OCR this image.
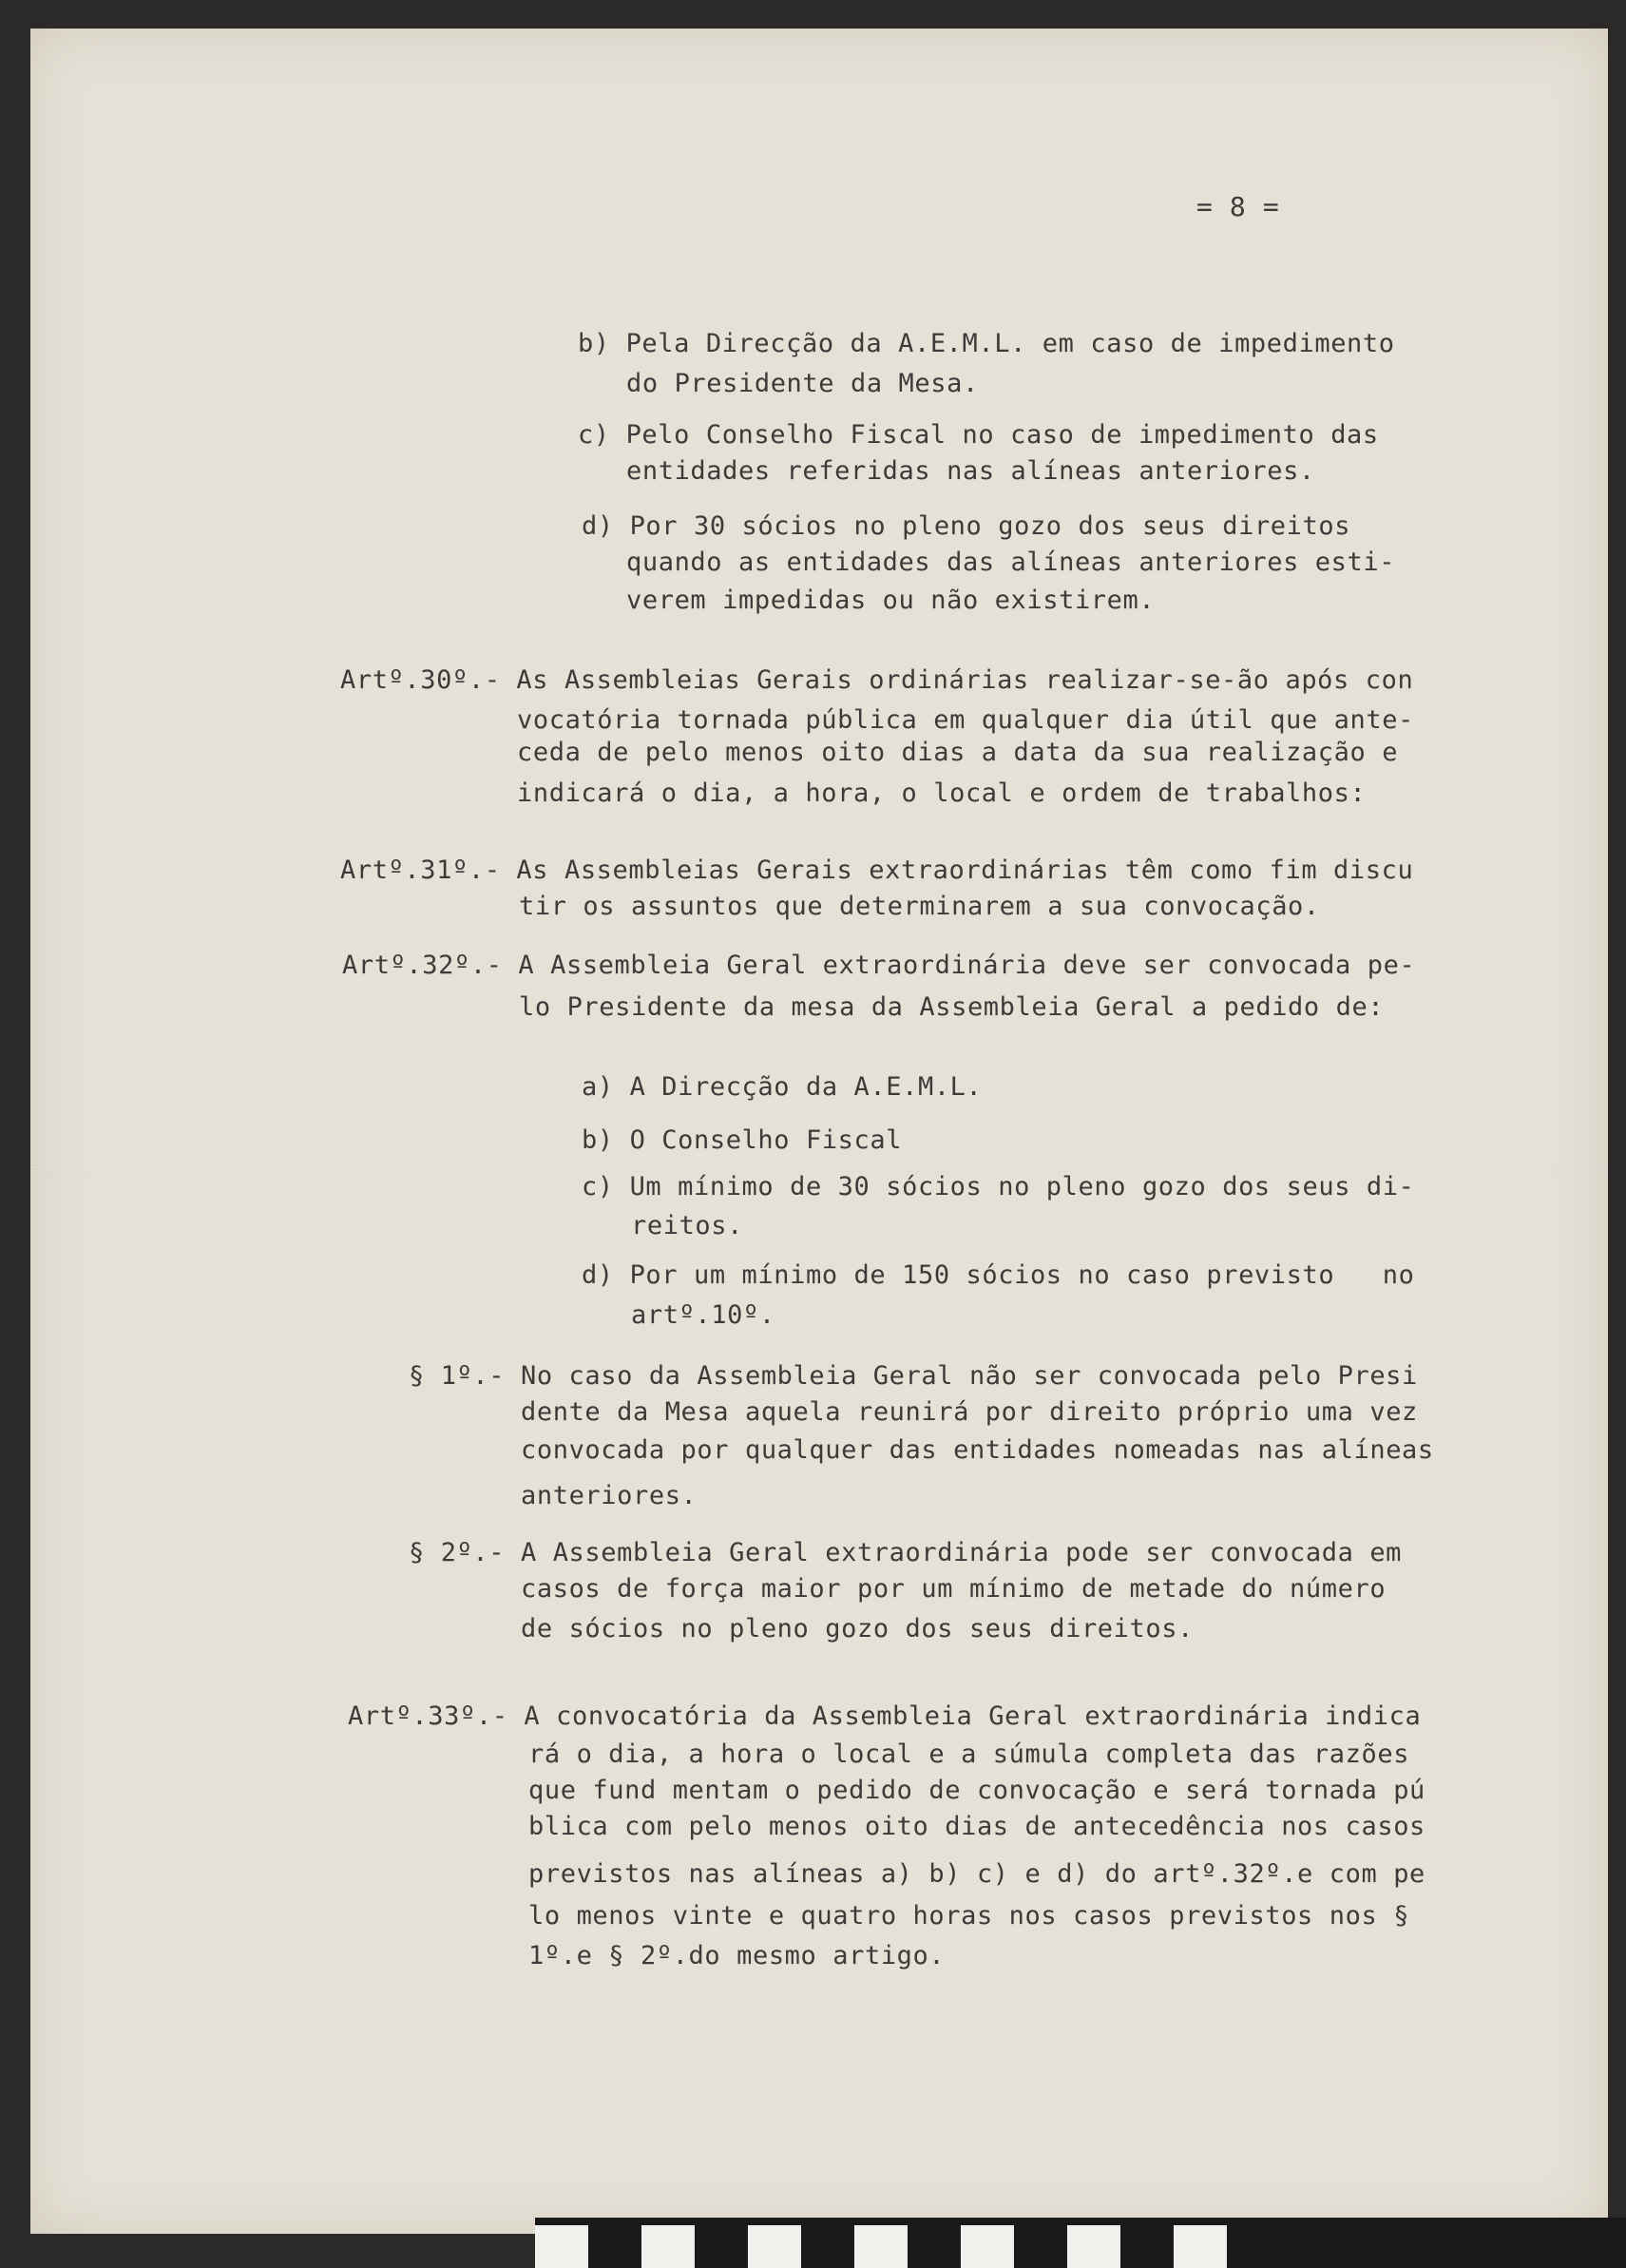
= 8 =
b) Pela Direcção da A.E.M.L. em caso de impedimento
do Presidente da Mesa.
c) Pelo Conselho Fiscal no caso de impedimento das
entidades referidas nas alíneas anteriores.
d) Por 30 sócios no pleno gozo dos seus direitos
quando as entidades das alíneas anteriores esti-
verem impedidas ou não existirem.
Artº.30º.- As Assembleias Gerais ordinárias realizar-se-ão após con
vocatória tornada pública em qualquer dia útil que ante-
ceda de pelo menos oito dias a data da sua realização e
indicará o dia, a hora, o local e ordem de trabalhos:
Artº.31º.- As Assembleias Gerais extraordinárias têm como fim discu
tir os assuntos que determinarem a sua convocação.
Artº.32º.- A Assembleia Geral extraordinária deve ser convocada pe-
lo Presidente da mesa da Assembleia Geral a pedido de:
a) A Direcção da A.E.M.L.
b) O Conselho Fiscal
c) Um mínimo de 30 sócios no pleno gozo dos seus di-
reitos.
d) Por um mínimo de 150 sócios no caso previsto   no
artº.10º.
§ 1º.- No caso da Assembleia Geral não ser convocada pelo Presi
dente da Mesa aquela reunirá por direito próprio uma vez
convocada por qualquer das entidades nomeadas nas alíneas
anteriores.
§ 2º.- A Assembleia Geral extraordinária pode ser convocada em
casos de força maior por um mínimo de metade do número
de sócios no pleno gozo dos seus direitos.
Artº.33º.- A convocatória da Assembleia Geral extraordinária indica
rá o dia, a hora o local e a súmula completa das razões
que fund mentam o pedido de convocação e será tornada pú
blica com pelo menos oito dias de antecedência nos casos
previstos nas alíneas a) b) c) e d) do artº.32º.e com pe
lo menos vinte e quatro horas nos casos previstos nos §
1º.e § 2º.do mesmo artigo.
